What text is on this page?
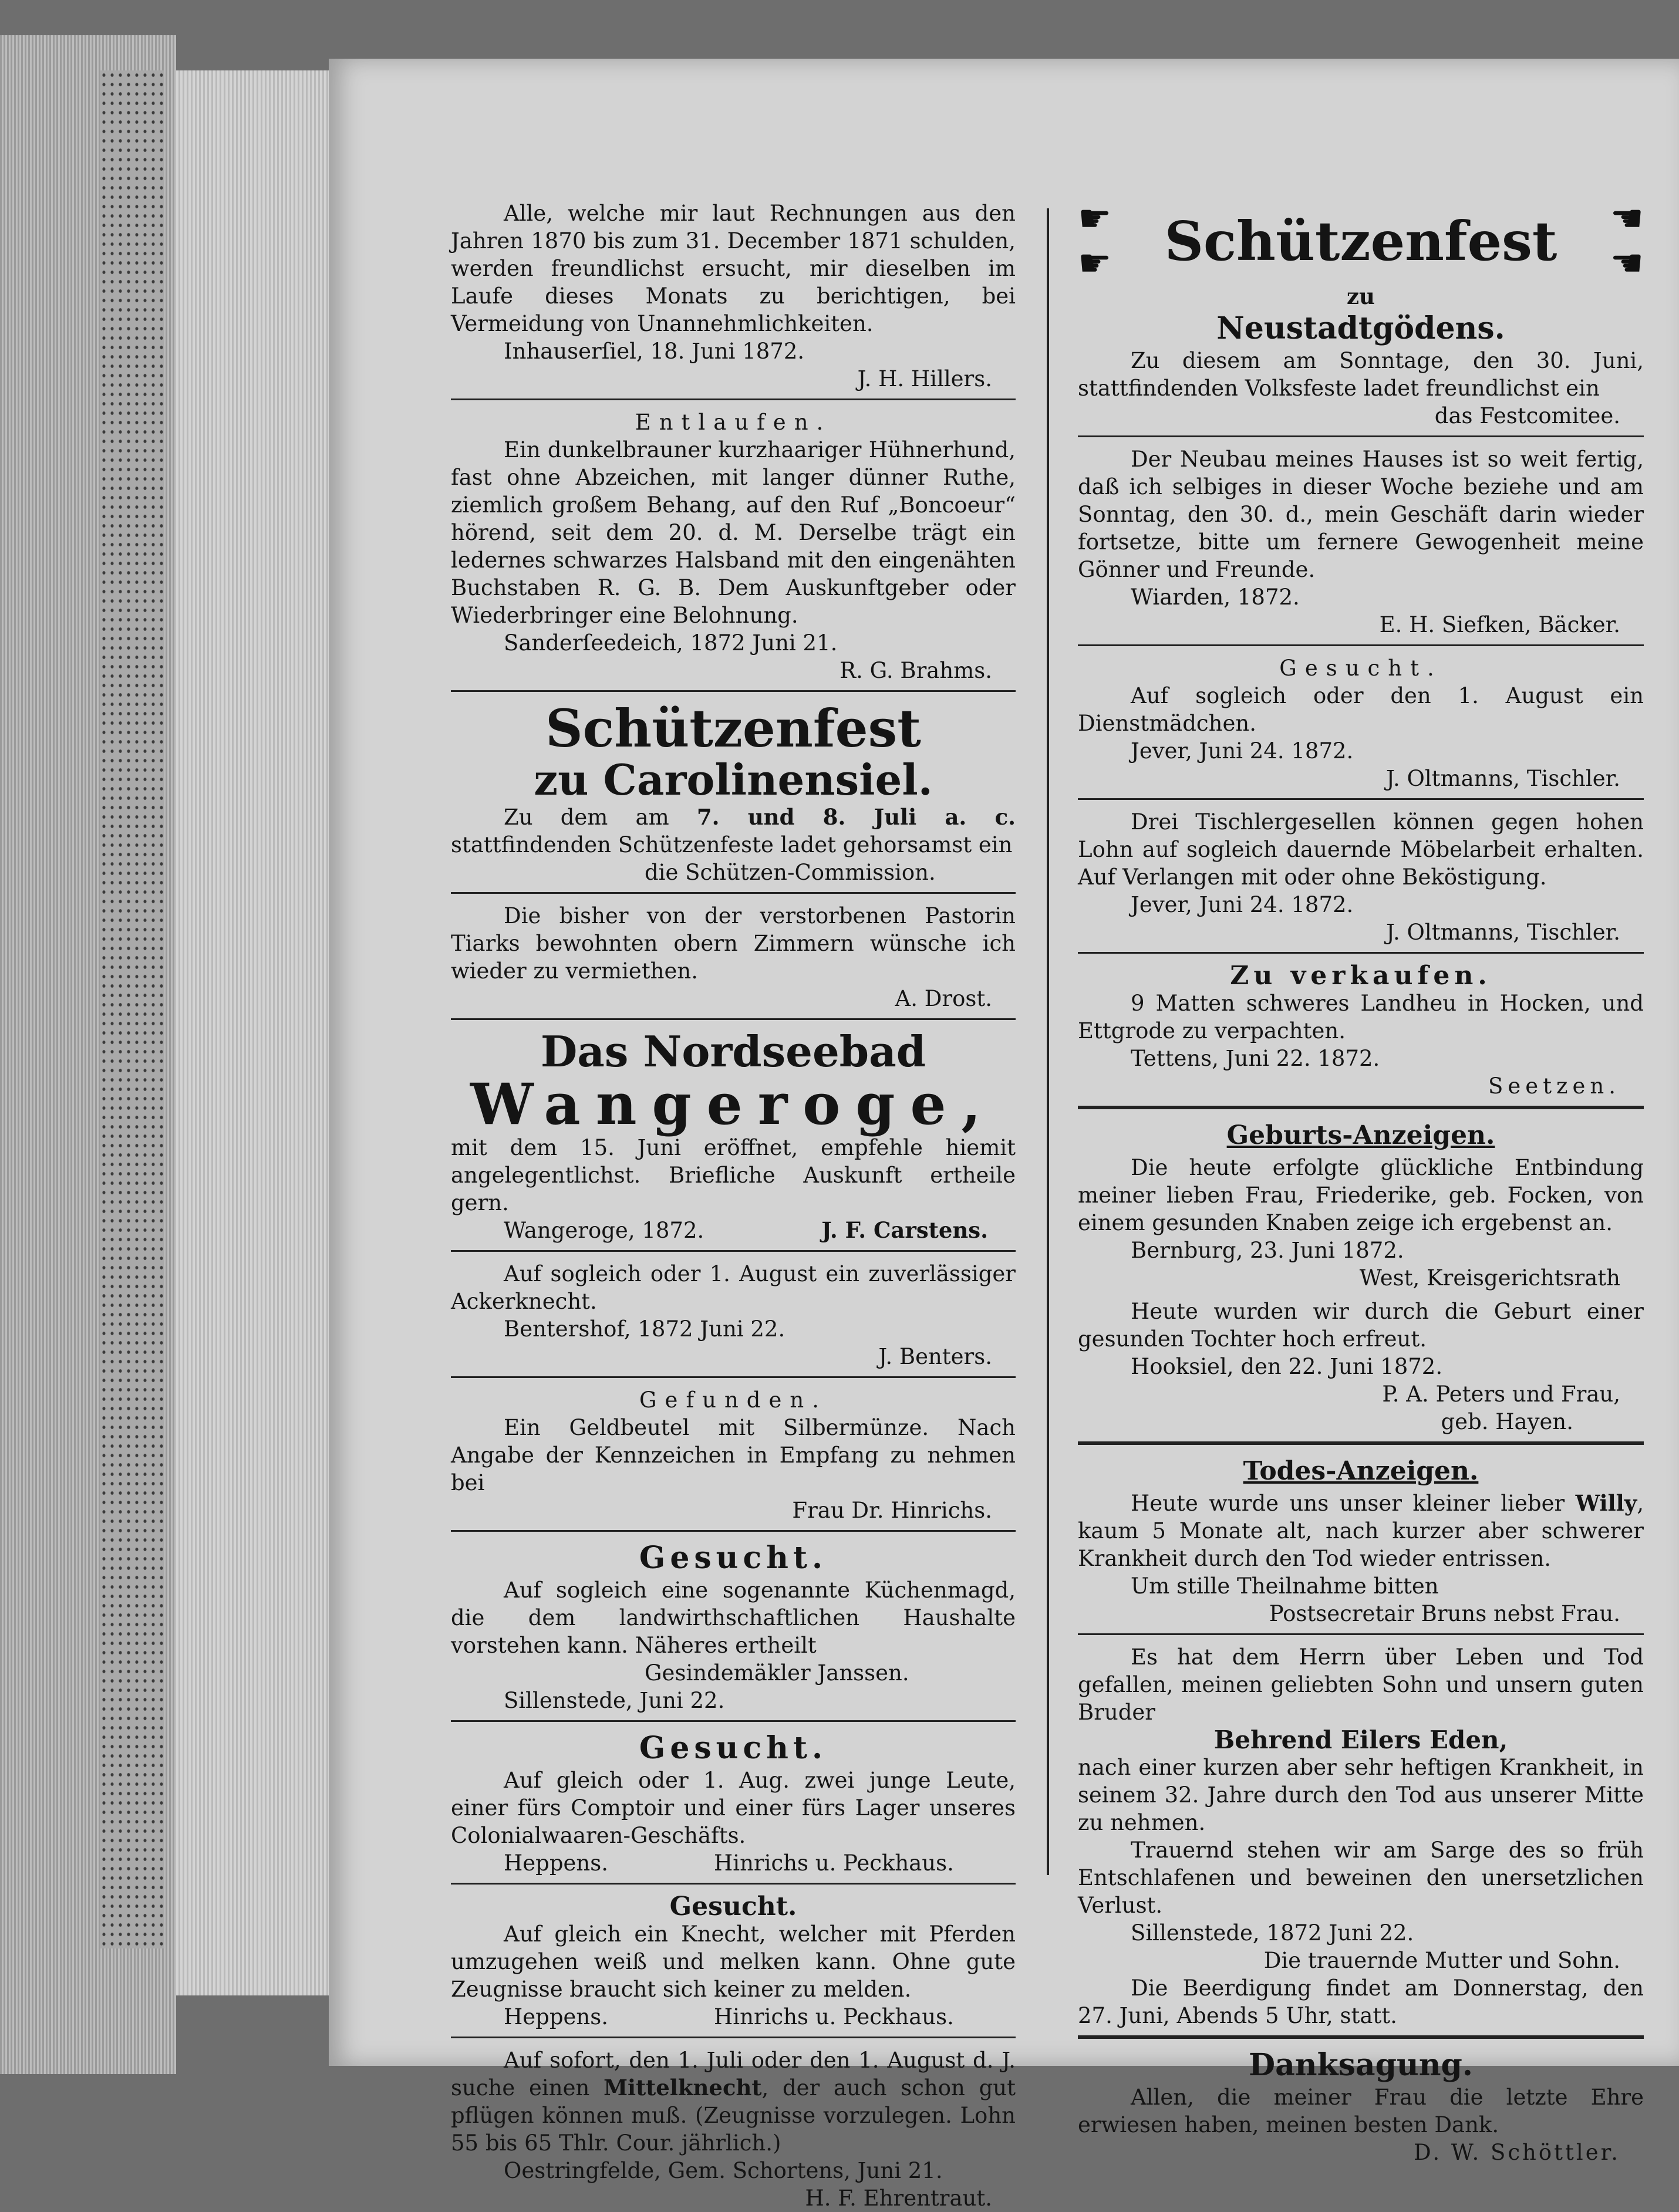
Alle, welche mir laut Rechnungen aus den Jahren 1870 bis zum 31. December 1871 schulden, werden freundlichst ersucht, mir dieselben im Laufe dieses Monats zu berichtigen, bei Vermeidung von Unannehmlichkeiten.

Inhauserſiel, 18. Juni 1872.

J. H. Hillers.

Entlaufen.

Ein dunkelbrauner kurzhaariger Hühnerhund, fast ohne Abzeichen, mit langer dünner Ruthe, ziemlich großem Behang, auf den Ruf „Boncoeur“ hörend, seit dem 20. d. M. Derselbe trägt ein ledernes schwarzes Halsband mit den eingenähten Buchstaben R. G. B. Dem Auskunftgeber oder Wiederbringer eine Belohnung.

Sanderſeedeich, 1872 Juni 21.

R. G. Brahms.

Schützenfest

zu Carolinensiel.

Zu dem am 7. und 8. Juli a. c. stattfindenden Schützenfeste ladet gehorsamst ein

die Schützen-Commission.

Die bisher von der verstorbenen Pastorin Tiarks bewohnten obern Zimmern wünsche ich wieder zu vermiethen.

A. Drost.

Das Nordseebad

Wangeroge,

mit dem 15. Juni eröffnet, empfehle hiemit angelegentlichst. Briefliche Auskunft ertheile gern.

Wangeroge, 1872.	J. F. Carstens.

Auf sogleich oder 1. August ein zuverlässiger Ackerknecht.

Bentershof, 1872 Juni 22.

J. Benters.

Gefunden.

Ein Geldbeutel mit Silbermünze. Nach Angabe der Kennzeichen in Empfang zu nehmen bei

Frau Dr. Hinrichs.

Gesucht.

Auf sogleich eine sogenannte Küchenmagd, die dem landwirthschaftlichen Haushalte vorstehen kann. Näheres ertheilt

Gesindemäkler Janssen.

Sillenstede, Juni 22.

Gesucht.

Auf gleich oder 1. Aug. zwei junge Leute, einer fürs Comptoir und einer fürs Lager unseres Colonialwaaren-Geschäfts.

Heppens.	Hinrichs u. Peckhaus.

Gesucht.

Auf gleich ein Knecht, welcher mit Pferden umzugehen weiß und melken kann. Ohne gute Zeugnisse braucht sich keiner zu melden.

Heppens.	Hinrichs u. Peckhaus.

Auf sofort, den 1. Juli oder den 1. August d. J. suche einen Mittelknecht, der auch schon gut pflügen können muß. (Zeugnisse vorzulegen. Lohn 55 bis 65 Thlr. Cour. jährlich.)

Oestringfelde, Gem. Schortens, Juni 21.

H. F. Ehrentraut.

☛
☛ Schützenfest ☚
☚

zu

Neustadtgödens.

Zu diesem am Sonntage, den 30. Juni, stattfindenden Volksfeste ladet freundlichst ein

das Festcomitee.

Der Neubau meines Hauses ist so weit fertig, daß ich selbiges in dieser Woche beziehe und am Sonntag, den 30. d., mein Geschäft darin wieder fortsetze, bitte um fernere Gewogenheit meine Gönner und Freunde.

Wiarden, 1872.

E. H. Siefken, Bäcker.

Gesucht.

Auf sogleich oder den 1. August ein Dienstmädchen.

Jever, Juni 24. 1872.

J. Oltmanns, Tischler.

Drei Tischlergesellen können gegen hohen Lohn auf sogleich dauernde Möbelarbeit erhalten. Auf Verlangen mit oder ohne Beköstigung.

Jever, Juni 24. 1872.

J. Oltmanns, Tischler.

Zu verkaufen.

9 Matten schweres Landheu in Hocken, und Ettgrode zu verpachten.

Tettens, Juni 22. 1872.

Seetzen.

Geburts-Anzeigen.

Die heute erfolgte glückliche Entbindung meiner lieben Frau, Friederike, geb. Focken, von einem gesunden Knaben zeige ich ergebenst an.

Bernburg, 23. Juni 1872.

West, Kreisgerichtsrath

Heute wurden wir durch die Geburt einer gesunden Tochter hoch erfreut.

Hooksiel, den 22. Juni 1872.

P. A. Peters und Frau,

geb. Hayen.

Todes-Anzeigen.

Heute wurde uns unser kleiner lieber Willy, kaum 5 Monate alt, nach kurzer aber schwerer Krankheit durch den Tod wieder entrissen.

Um stille Theilnahme bitten

Postsecretair Bruns nebst Frau.

Es hat dem Herrn über Leben und Tod gefallen, meinen geliebten Sohn und unsern guten Bruder

Behrend Eilers Eden,

nach einer kurzen aber sehr heftigen Krankheit, in seinem 32. Jahre durch den Tod aus unserer Mitte zu nehmen.

Trauernd stehen wir am Sarge des so früh Entschlafenen und beweinen den unersetzlichen Verlust.

Sillenstede, 1872 Juni 22.

Die trauernde Mutter und Sohn.

Die Beerdigung findet am Donnerstag, den 27. Juni, Abends 5 Uhr, statt.

Danksagung.

Allen, die meiner Frau die letzte Ehre erwiesen haben, meinen besten Dank.

D. W. Schöttler.
